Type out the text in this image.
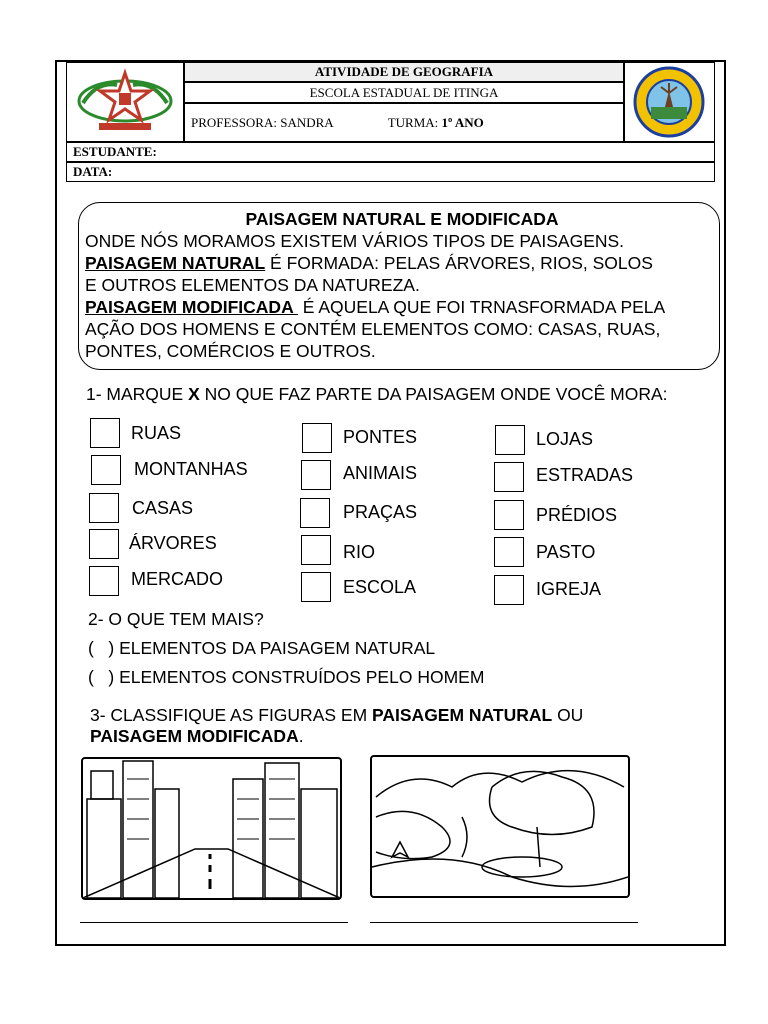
ATIVIDADE DE GEOGRAFIA
ESCOLA ESTADUAL DE ITINGA
PROFESSORA: SANDRA	TURMA: 1º ANO
ESTUDANTE:
DATA:
PAISAGEM NATURAL E MODIFICADA

ONDE NÓS MORAMOS EXISTEM VÁRIOS TIPOS DE PAISAGENS.

PAISAGEM NATURAL É FORMADA: PELAS ÁRVORES, RIOS, SOLOS

E OUTROS ELEMENTOS DA NATUREZA.

PAISAGEM MODIFICADA  É AQUELA QUE FOI TRNASFORMADA PELA

AÇÃO DOS HOMENS E CONTÉM ELEMENTOS COMO: CASAS, RUAS,

PONTES, COMÉRCIOS E OUTROS.

1- MARQUE X NO QUE FAZ PARTE DA PAISAGEM ONDE VOCÊ MORA:
RUAS
MONTANHAS
CASAS
ÁRVORES
MERCADO
PONTES
ANIMAIS
PRAÇAS
RIO
ESCOLA
LOJAS
ESTRADAS
PRÉDIOS
PASTO
IGREJA
2- O QUE TEM MAIS?
(   ) ELEMENTOS DA PAISAGEM NATURAL
(   ) ELEMENTOS CONSTRUÍDOS PELO HOMEM
3- CLASSIFIQUE AS FIGURAS EM PAISAGEM NATURAL OU
PAISAGEM MODIFICADA.
